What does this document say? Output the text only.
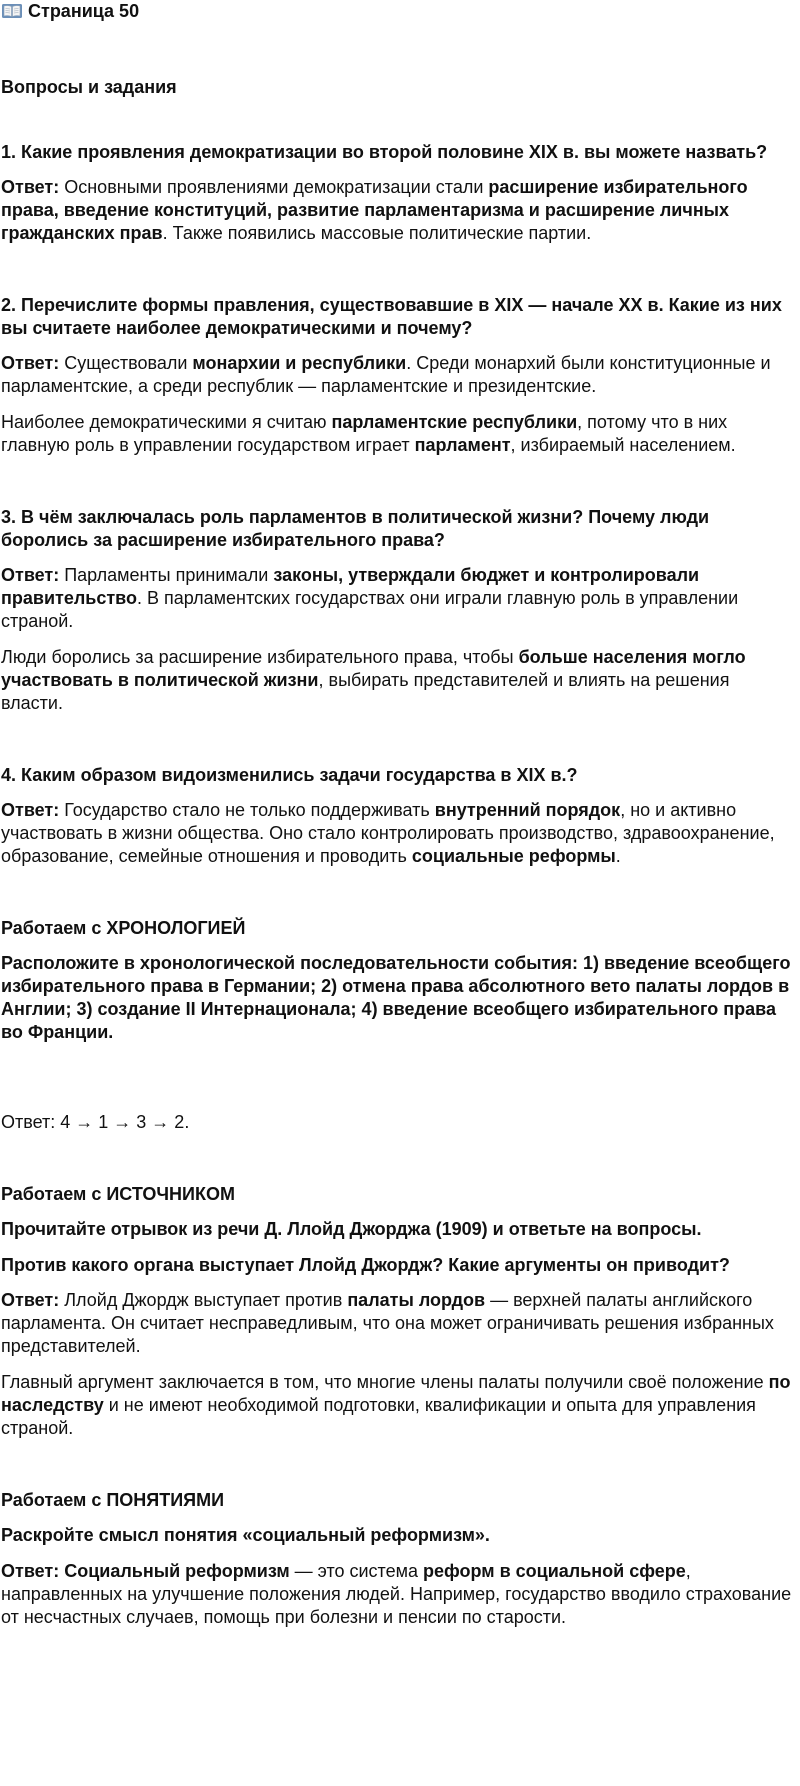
Страница 50
Вопросы и задания
1. Какие проявления демократизации во второй половине XIX в. вы можете назвать?

Ответ: Основными проявлениями демократизации стали расширение избирательного права, введение конституций, развитие парламентаризма и расширение личных гражданских прав. Также появились массовые политические партии.

2. Перечислите формы правления, существовавшие в XIX — начале XX в. Какие из них вы считаете наиболее демократическими и почему?

Ответ: Существовали монархии и республики. Среди монархий были конституционные и парламентские, а среди республик — парламентские и президентские.

Наиболее демократическими я считаю парламентские республики, потому что в них главную роль в управлении государством играет парламент, избираемый населением.

3. В чём заключалась роль парламентов в политической жизни? Почему люди боролись за расширение избирательного права?

Ответ: Парламенты принимали законы, утверждали бюджет и контролировали правительство. В парламентских государствах они играли главную роль в управлении страной.

Люди боролись за расширение избирательного права, чтобы больше населения могло участвовать в политической жизни, выбирать представителей и влиять на решения власти.

4. Каким образом видоизменились задачи государства в XIX в.?

Ответ: Государство стало не только поддерживать внутренний порядок, но и активно участвовать в жизни общества. Оно стало контролировать производство, здравоохранение, образование, семейные отношения и проводить социальные реформы.

Работаем с ХРОНОЛОГИЕЙ
Расположите в хронологической последовательности события: 1) введение всеобщего избирательного права в Германии; 2) отмена права абсолютного вето палаты лордов в Англии; 3) создание II Интернационала; 4) введение всеобщего избирательного права во Франции.

Ответ: 4 → 1 → 3 → 2.

Работаем с ИСТОЧНИКОМ
Прочитайте отрывок из речи Д. Ллойд Джорджа (1909) и ответьте на вопросы.
Против какого органа выступает Ллойд Джордж? Какие аргументы он приводит?

Ответ: Ллойд Джордж выступает против палаты лордов — верхней палаты английского парламента. Он считает несправедливым, что она может ограничивать решения избранных представителей.

Главный аргумент заключается в том, что многие члены палаты получили своё положение по наследству и не имеют необходимой подготовки, квалификации и опыта для управления страной.

Работаем с ПОНЯТИЯМИ
Раскройте смысл понятия «социальный реформизм».

Ответ: Социальный реформизм — это система реформ в социальной сфере, направленных на улучшение положения людей. Например, государство вводило страхование от несчастных случаев, помощь при болезни и пенсии по старости.
